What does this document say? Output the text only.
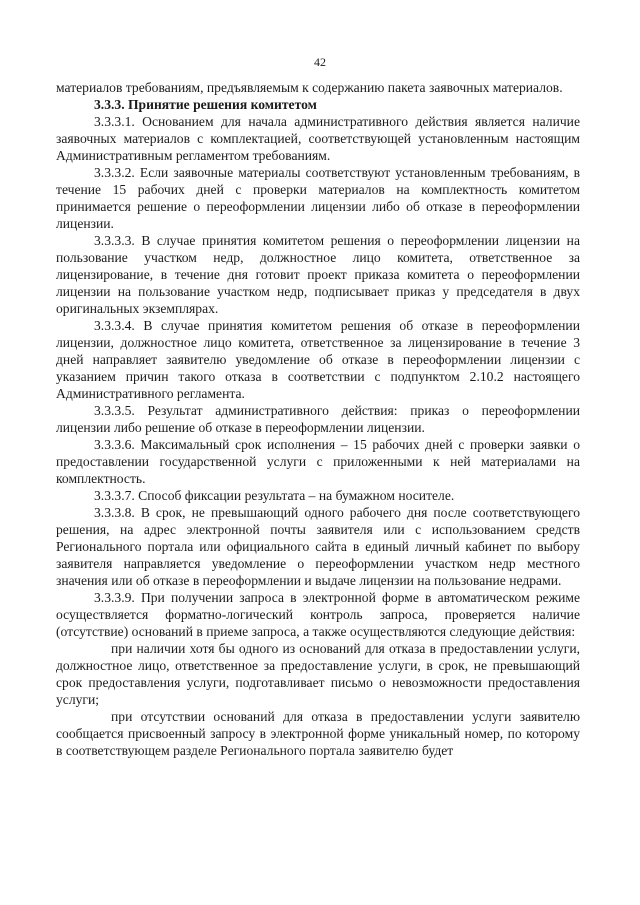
42

материалов требованиям, предъявляемым к содержанию пакета заявочных материалов.

3.3.3. Принятие решения комитетом

3.3.3.1. Основанием для начала административного действия является наличие заявочных материалов с комплектацией, соответствующей установленным настоящим Административным регламентом требованиям.

3.3.3.2. Если заявочные материалы соответствуют установленным требованиям, в течение 15 рабочих дней с проверки материалов на комплектность комитетом принимается решение о переоформлении лицензии либо об отказе в переоформлении лицензии.

3.3.3.3. В случае принятия комитетом решения о переоформлении лицензии на пользование участком недр, должностное лицо комитета, ответственное за лицензирование, в течение дня готовит проект приказа комитета о переоформлении лицензии на пользование участком недр, подписывает приказ у председателя в двух оригинальных экземплярах.

3.3.3.4. В случае принятия комитетом решения об отказе в переоформлении лицензии, должностное лицо комитета, ответственное за лицензирование в течение 3 дней направляет заявителю уведомление об отказе в переоформлении лицензии с указанием причин такого отказа в соответствии с подпунктом 2.10.2 настоящего Административного регламента.

3.3.3.5. Результат административного действия: приказ о переоформлении лицензии либо решение об отказе в переоформлении лицензии.

3.3.3.6. Максимальный срок исполнения – 15 рабочих дней с проверки заявки о предоставлении государственной услуги с приложенными к ней материалами на комплектность.

3.3.3.7. Способ фиксации результата – на бумажном носителе.

3.3.3.8. В срок, не превышающий одного рабочего дня после соответствующего решения, на адрес электронной почты заявителя или с использованием средств Регионального портала или официального сайта в единый личный кабинет по выбору заявителя направляется уведомление о переоформлении участком недр местного значения или об отказе в переоформлении и выдаче лицензии на пользование недрами.

3.3.3.9. При получении запроса в электронной форме в автоматическом режиме осуществляется форматно-логический контроль запроса, проверяется наличие (отсутствие) оснований в приеме запроса, а также осуществляются следующие действия:

при наличии хотя бы одного из оснований для отказа в предоставлении услуги, должностное лицо, ответственное за предоставление услуги, в срок, не превышающий срок предоставления услуги, подготавливает письмо о невозможности предоставления услуги;

при отсутствии оснований для отказа в предоставлении услуги заявителю сообщается присвоенный запросу в электронной форме уникальный номер, по которому в соответствующем разделе Регионального портала заявителю будет
